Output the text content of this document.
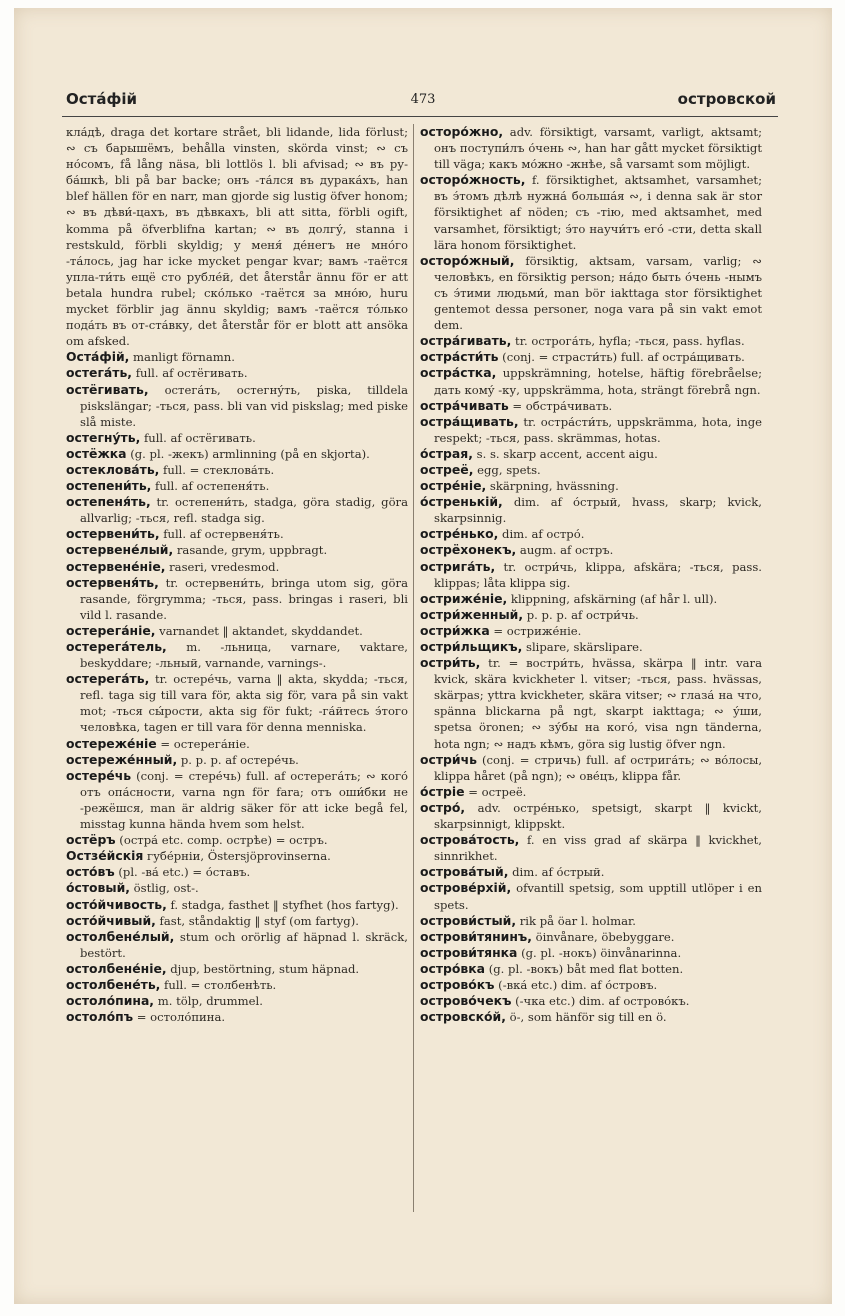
Оста́фій	473	островской

кла́дѣ, draga det kortare strået, bli lidande, lida förlust; ∾ съ барышёмъ, behålla vinsten, skörda vinst; ∾ съ но́сомъ, få lång näsa, bli lottlös l. bli afvisad; ∾ въ ру-ба́шкѣ, bli på bar backe; онъ -та́лся въ дурака́хъ, han blef hällen för en narr, man gjorde sig lustig öfver honom; ∾ въ дѣви́-цахъ, въ дѣвкахъ, bli att sitta, förbli ogift, komma på öfverblifna kartan; ∾ въ долгу́, stanna i restskuld, förbli skyldig; у меня́ де́негъ не мно́го -та́лось, jag har icke mycket pengar kvar; вамъ -таётся упла-ти́ть ещё сто рубле́й, det återstår ännu för er att betala hundra rubel; ско́лько -таётся за мно́ю, huru mycket förblir jag ännu skyldig; вамъ -таётся то́лько пода́ть въ от-ста́вку, det återstår för er blott att ansöka om afsked.

Оста́фій, manligt förnamn.

остега́ть, full. af остёгивать.

остёгивать, остега́ть, остегну́ть, piska, tilldela piskslängar; -ться, pass. bli van vid piskslag; med piske slå miste.

остегну́ть, full. af остёгивать.

остёжка (g. pl. -жекъ) armlinning (på en skjorta).

остеклова́ть, full. = стеклова́ть.

остепени́ть, full. af остепеня́ть.

остепеня́ть, tr. остепени́ть, stadga, göra stadig, göra allvarlig; -ться, refl. stadga sig.

остервени́ть, full. af остервеня́ть.

остервене́лый, rasande, grym, uppbragt.

остервене́ніе, raseri, vredesmod.

остервеня́ть, tr. остервени́ть, bringa utom sig, göra rasande, förgrymma; -ться, pass. bringas i raseri, bli vild l. rasande.

остерега́ніе, varnandet ‖ aktandet, skyddandet.

остерега́тель, m. -льница, varnare, vaktare, beskyddare; -льный, varnande, varnings-.

остерега́ть, tr. остере́чь, varna ‖ akta, skydda; -ться, refl. taga sig till vara för, akta sig för, vara på sin vakt mot; -ться сы́рости, akta sig för fukt; -га́йтесь э́того человѣка, tagen er till vara för denna menniska.

остереже́ніе = остерега́ніе.

остереже́нный, p. p. p. af остере́чь.

остере́чь (conj. = стере́чь) full. af остерега́ть; ∾ кого́ отъ опа́сности, varna ngn för fara; отъ оши́бки не -режёшся, man är aldrig säker för att icke begå fel, misstag kunna hända hvem som helst.

остёръ (остра́ etc. comp. острѣе) = остръ.

Остзе́йскія губе́рніи, Östersjöprovinserna.

осто́въ (pl. -ва́ etc.) = о́ставъ.

о́стовый, östlig, ost-.

осто́йчивость, f. stadga, fasthet ‖ styfhet (hos fartyg).

осто́йчивый, fast, ståndaktig ‖ styf (om fartyg).

остолбене́лый, stum och orörlig af häpnad l. skräck, bestört.

остолбене́ніе, djup, bestörtning, stum häpnad.

остолбене́ть, full. = столбенѣть.

остоло́пина, m. tölp, drummel.

остоло́пъ = остоло́пина.

осторо́жно, adv. försiktigt, varsamt, varligt, aktsamt; онъ поступи́лъ о́чень ∾, han har gått mycket försiktigt till väga; какъ мо́жно -жнѣе, så varsamt som möjligt.

осторо́жность, f. försiktighet, aktsamhet, varsamhet; въ э́томъ дѣлѣ нужна́ больша́я ∾, i denna sak är stor försiktighet af nöden; съ -тію, med aktsamhet, med varsamhet, försiktigt; э́то научи́тъ его́ -сти, detta skall lära honom försiktighet.

осторо́жный, försiktig, aktsam, varsam, varlig; ∾ человѣкъ, en försiktig person; на́до быть о́чень -нымъ съ э́тими людьми́, man bör iakttaga stor försiktighet gentemot dessa personer, noga vara på sin vakt emot dem.

остра́гивать, tr. острога́ть, hyfla; -ться, pass. hyflas.

остра́сти́ть (conj. = страсти́ть) full. af остра́щивать.

остра́стка, uppskrämning, hotelse, häftig förebråelse; дать кому́ -ку, uppskrämma, hota, strängt förebrå ngn.

остра́чивать = обстра́чивать.

остра́щивать, tr. остра́сти́ть, uppskrämma, hota, inge respekt; -ться, pass. skrämmas, hotas.

о́страя, s. s. skarp accent, accent aigu.

остреё, egg, spets.

остре́ніе, skärpning, hvässning.

о́стренькій, dim. af о́стрый, hvass, skarp; kvick, skarpsinnig.

остре́нько, dim. af остро́.

острёхонекъ, augm. af остръ.

острига́ть, tr. остри́чь, klippa, afskära; -ться, pass. klippas; låta klippa sig.

остриже́ніе, klippning, afskärning (af hår l. ull).

остри́женный, p. p. p. af остри́чь.

остри́жка = остриже́ніе.

остри́льщикъ, slipare, skärslipare.

остри́ть, tr. = востри́ть, hvässa, skärpa ‖ intr. vara kvick, skära kvickheter l. vitser; -ться, pass. hvässas, skärpas; yttra kvickheter, skära vitser; ∾ глаза́ на что, spänna blickarna på ngt, skarpt iakttaga; ∾ у́ши, spetsa öronen; ∾ зу́бы на кого́, visa ngn tänderna, hota ngn; ∾ надъ кѣмъ, göra sig lustig öfver ngn.

остри́чь (conj. = стричь) full. af острига́ть; ∾ во́лосы, klippa håret (på ngn); ∾ ове́цъ, klippa får.

о́стріе = остреё.

остро́, adv. остре́нько, spetsigt, skarpt ‖ kvickt, skarpsinnigt, klippskt.

острова́тость, f. en viss grad af skärpa ‖ kvickhet, sinnrikhet.

острова́тый, dim. af о́стрый.

острове́рхій, ofvantill spetsig, som upptill utlöper i en spets.

острови́стый, rik på öar l. holmar.

острови́тянинъ, öinvånare, öbebyggare.

острови́тянка (g. pl. -нокъ) öinvånarinna.

остро́вка (g. pl. -вокъ) båt med flat botten.

острово́къ (-вка́ etc.) dim. af о́стровъ.

острово́чекъ (-чка etc.) dim. af острово́къ.

островско́й, ö-, som hänför sig till en ö.
